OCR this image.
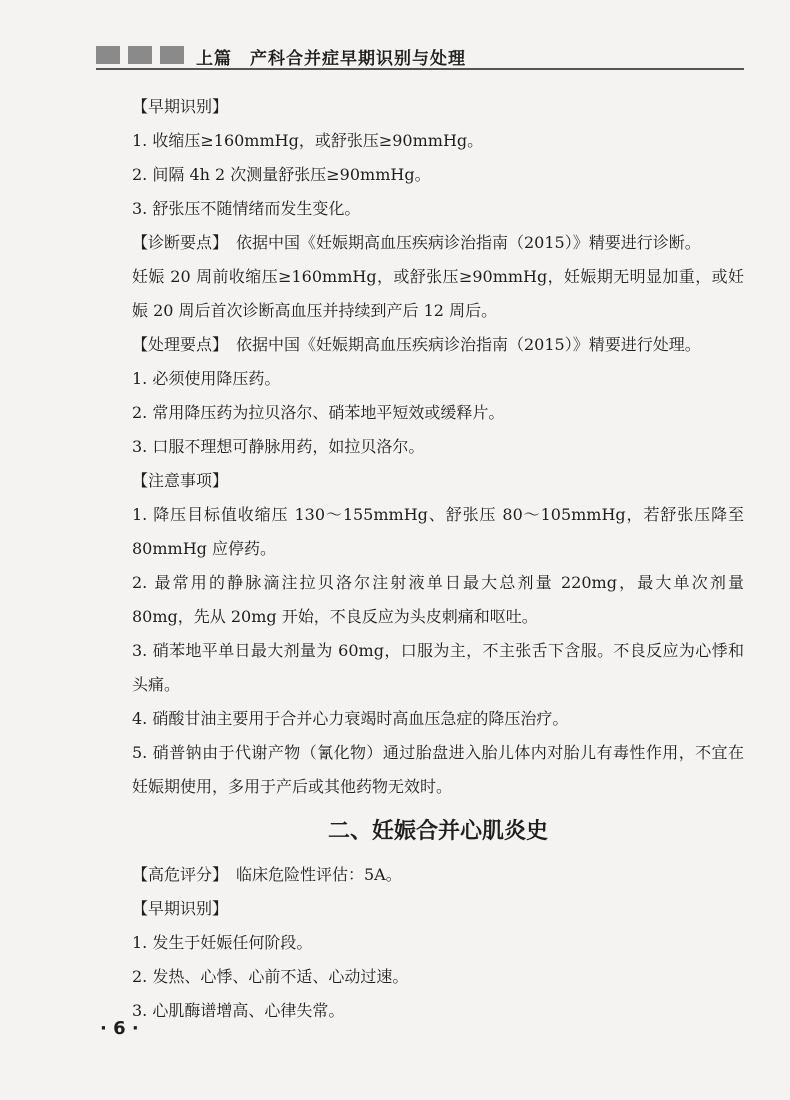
上篇 产科合并症早期识别与处理

【早期识别】

1. 收缩压≥160mmHg，或舒张压≥90mmHg。

2. 间隔 4h 2 次测量舒张压≥90mmHg。

3. 舒张压不随情绪而发生变化。

【诊断要点】　依据中国《妊娠期高血压疾病诊治指南（2015）》精要进行诊断。

妊娠 20 周前收缩压≥160mmHg，或舒张压≥90mmHg，妊娠期无明显加重，或妊娠 20 周后首次诊断高血压并持续到产后 12 周后。

【处理要点】　依据中国《妊娠期高血压疾病诊治指南（2015）》精要进行处理。

1. 必须使用降压药。

2. 常用降压药为拉贝洛尔、硝苯地平短效或缓释片。

3. 口服不理想可静脉用药，如拉贝洛尔。

【注意事项】

1. 降压目标值收缩压 130～155mmHg、舒张压 80～105mmHg，若舒张压降至 80mmHg 应停药。

2. 最常用的静脉滴注拉贝洛尔注射液单日最大总剂量 220mg，最大单次剂量 80mg，先从 20mg 开始，不良反应为头皮刺痛和呕吐。

3. 硝苯地平单日最大剂量为 60mg，口服为主，不主张舌下含服。不良反应为心悸和头痛。

4. 硝酸甘油主要用于合并心力衰竭时高血压急症的降压治疗。

5. 硝普钠由于代谢产物（氰化物）通过胎盘进入胎儿体内对胎儿有毒性作用，不宜在妊娠期使用，多用于产后或其他药物无效时。

二、妊娠合并心肌炎史

【高危评分】　临床危险性评估：5A。

【早期识别】

1. 发生于妊娠任何阶段。

2. 发热、心悸、心前不适、心动过速。

3. 心肌酶谱增高、心律失常。

· 6 ·
